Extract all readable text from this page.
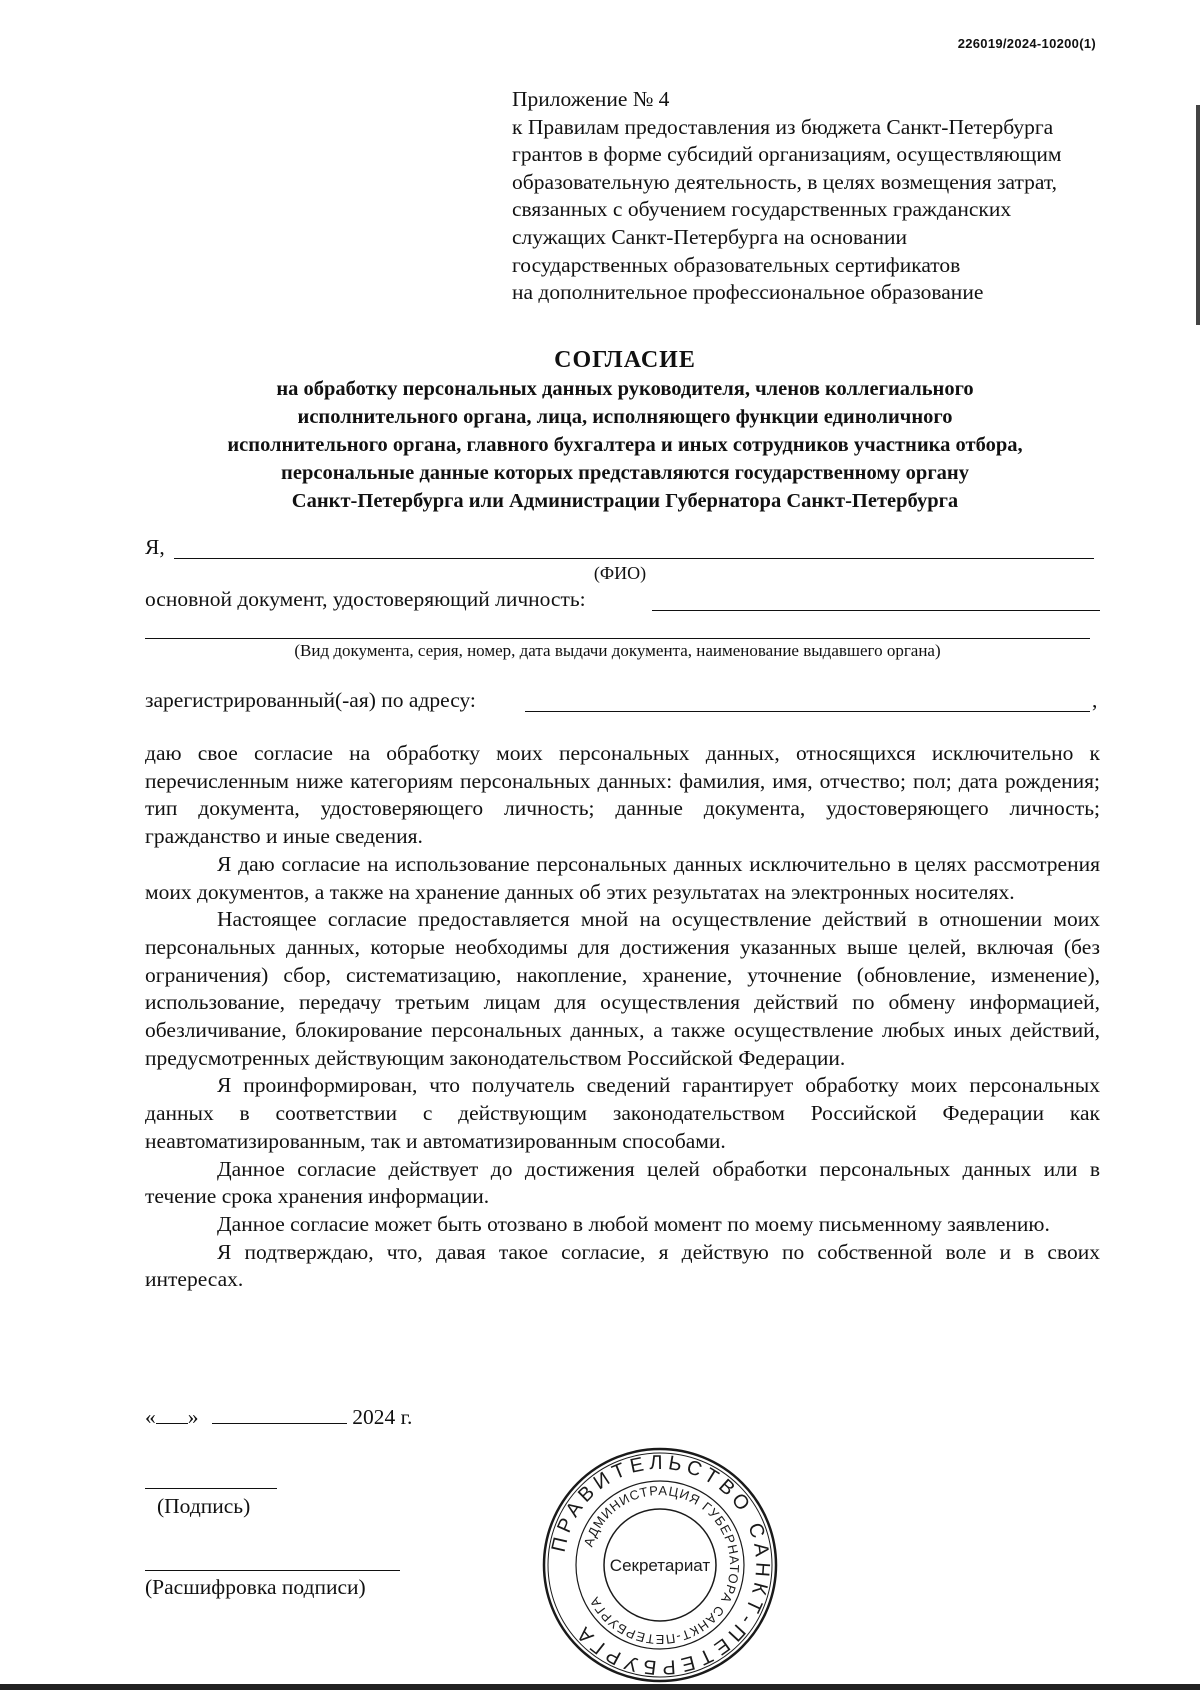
226019/2024-10200(1)
Приложение № 4
к Правилам предоставления из бюджета Санкт-Петербурга
грантов в форме субсидий организациям, осуществляющим
образовательную деятельность, в целях возмещения затрат,
связанных с обучением государственных гражданских
служащих Санкт-Петербурга на основании
государственных образовательных сертификатов
на дополнительное профессиональное образование
СОГЛАСИЕ
на обработку персональных данных руководителя, членов коллегиального
исполнительного органа, лица, исполняющего функции единоличного
исполнительного органа, главного бухгалтера и иных сотрудников участника отбора,
персональные данные которых представляются государственному органу
Санкт-Петербурга или Администрации Губернатора Санкт-Петербурга
Я,
(ФИО)
основной документ, удостоверяющий личность:
(Вид документа, серия, номер, дата выдачи документа, наименование выдавшего органа)
зарегистрированный(-ая) по адресу:	,

даю свое согласие на обработку моих персональных данных, относящихся исключительно к перечисленным ниже категориям персональных данных: фамилия, имя, отчество; пол; дата рождения; тип документа, удостоверяющего личность; данные документа, удостоверяющего личность; гражданство и иные сведения.

Я даю согласие на использование персональных данных исключительно в целях рассмотрения моих документов, а также на хранение данных об этих результатах на электронных носителях.

Настоящее согласие предоставляется мной на осуществление действий в отношении моих персональных данных, которые необходимы для достижения указанных выше целей, включая (без ограничения) сбор, систематизацию, накопление, хранение, уточнение (обновление, изменение), использование, передачу третьим лицам для осуществления действий по обмену информацией, обезличивание, блокирование персональных данных, а также осуществление любых иных действий, предусмотренных действующим законодательством Российской Федерации.

Я проинформирован, что получатель сведений гарантирует обработку моих персональных данных в соответствии с действующим законодательством Российской Федерации как неавтоматизированным, так и автоматизированным способами.

Данное согласие действует до достижения целей обработки персональных данных или в течение срока хранения информации.

Данное согласие может быть отозвано в любой момент по моему письменному заявлению.

Я подтверждаю, что, давая такое согласие, я действую по собственной воле и в своих интересах.

« »	2024 г.
(Подпись)
(Расшифровка подписи)
ПРАВИТЕЛЬСТВО САНКТ-ПЕТЕРБУРГА
АДМИНИСТРАЦИЯ ГУБЕРНАТОРА САНКТ-ПЕТЕРБУРГА
Секретариат
